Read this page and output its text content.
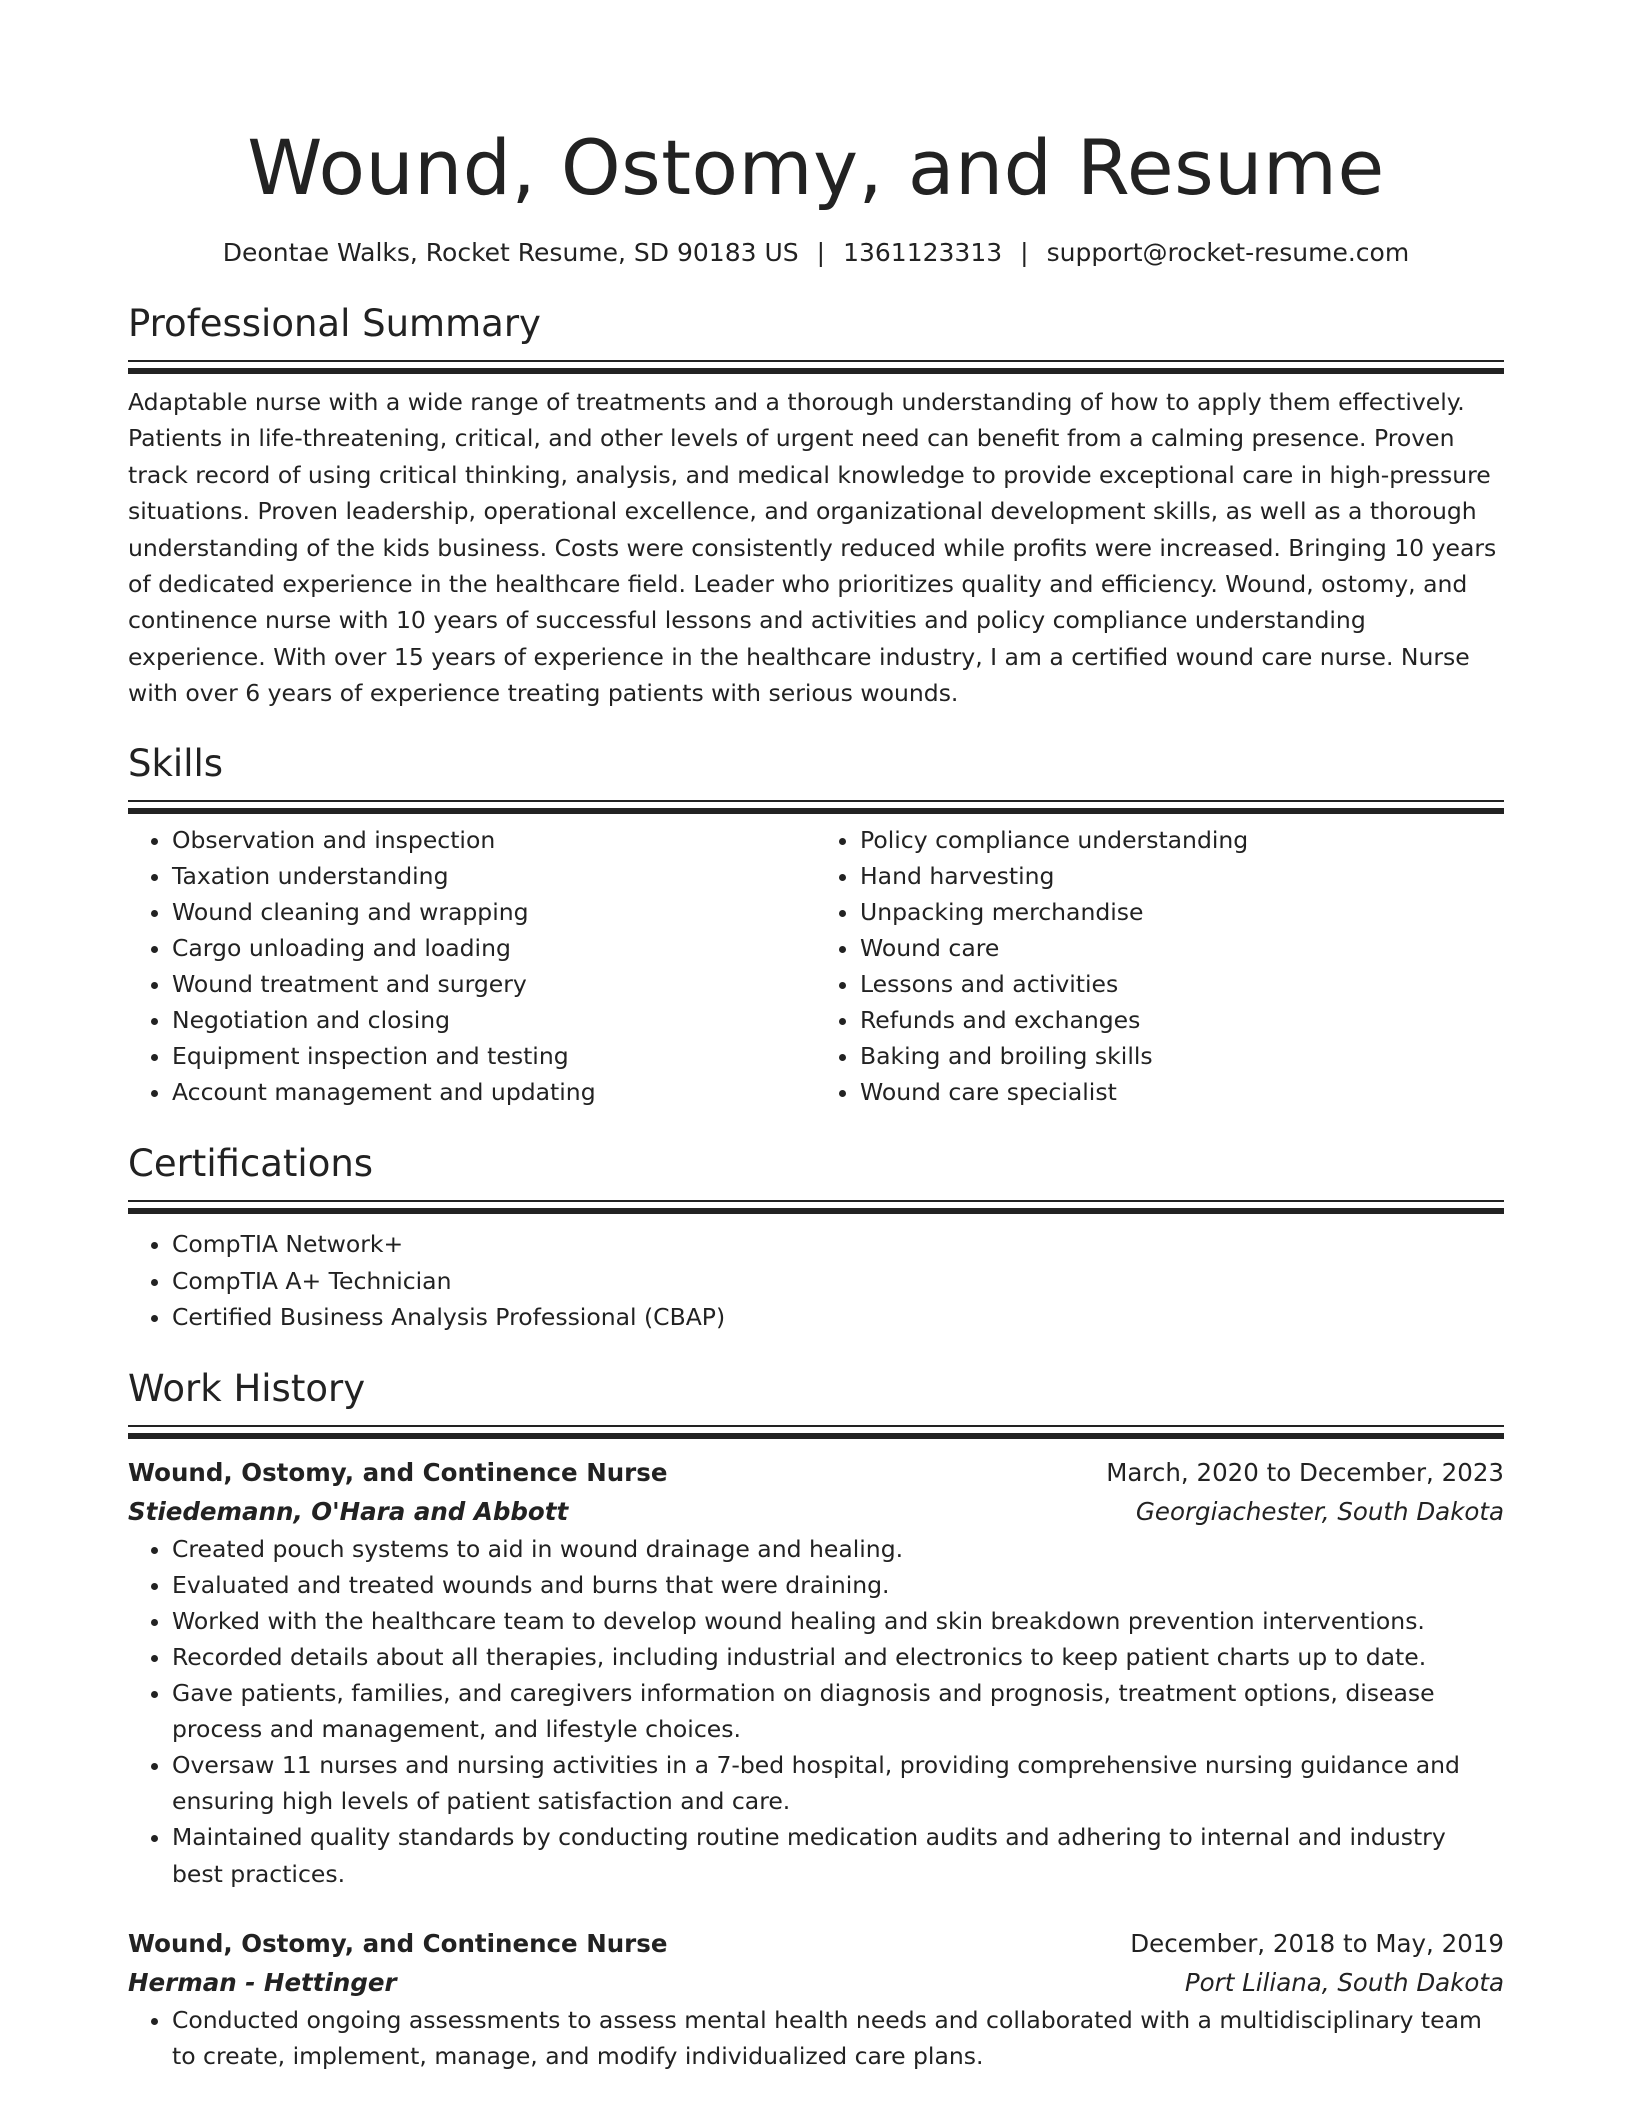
Wound, Ostomy, and Resume
Deontae Walks, Rocket Resume, SD 90183 US | 1361123313 | support@rocket-resume.com
Professional Summary

Adaptable nurse with a wide range of treatments and a thorough understanding of how to apply them effectively. Patients in life-threatening, critical, and other levels of urgent need can benefit from a calming presence. Proven track record of using critical thinking, analysis, and medical knowledge to provide exceptional care in high-pressure situations. Proven leadership, operational excellence, and organizational development skills, as well as a thorough understanding of the kids business. Costs were consistently reduced while profits were increased. Bringing 10 years of dedicated experience in the healthcare field. Leader who prioritizes quality and efficiency. Wound, ostomy, and continence nurse with 10 years of successful lessons and activities and policy compliance understanding experience. With over 15 years of experience in the healthcare industry, I am a certified wound care nurse. Nurse with over 6 years of experience treating patients with serious wounds.

Skills
• Observation and inspection
• Taxation understanding
• Wound cleaning and wrapping
• Cargo unloading and loading
• Wound treatment and surgery
• Negotiation and closing
• Equipment inspection and testing
• Account management and updating
• Policy compliance understanding
• Hand harvesting
• Unpacking merchandise
• Wound care
• Lessons and activities
• Refunds and exchanges
• Baking and broiling skills
• Wound care specialist
Certifications
• CompTIA Network+
• CompTIA A+ Technician
• Certified Business Analysis Professional (CBAP)
Work History
Wound, Ostomy, and Continence Nurse	March, 2020 to December, 2023
Stiedemann, O'Hara and Abbott	Georgiachester, South Dakota
• Created pouch systems to aid in wound drainage and healing.
• Evaluated and treated wounds and burns that were draining.
• Worked with the healthcare team to develop wound healing and skin breakdown prevention interventions.
• Recorded details about all therapies, including industrial and electronics to keep patient charts up to date.
• Gave patients, families, and caregivers information on diagnosis and prognosis, treatment options, disease process and management, and lifestyle choices.
• Oversaw 11 nurses and nursing activities in a 7-bed hospital, providing comprehensive nursing guidance and ensuring high levels of patient satisfaction and care.
• Maintained quality standards by conducting routine medication audits and adhering to internal and industry best practices.
Wound, Ostomy, and Continence Nurse	December, 2018 to May, 2019
Herman - Hettinger	Port Liliana, South Dakota
• Conducted ongoing assessments to assess mental health needs and collaborated with a multidisciplinary team to create, implement, manage, and modify individualized care plans.
